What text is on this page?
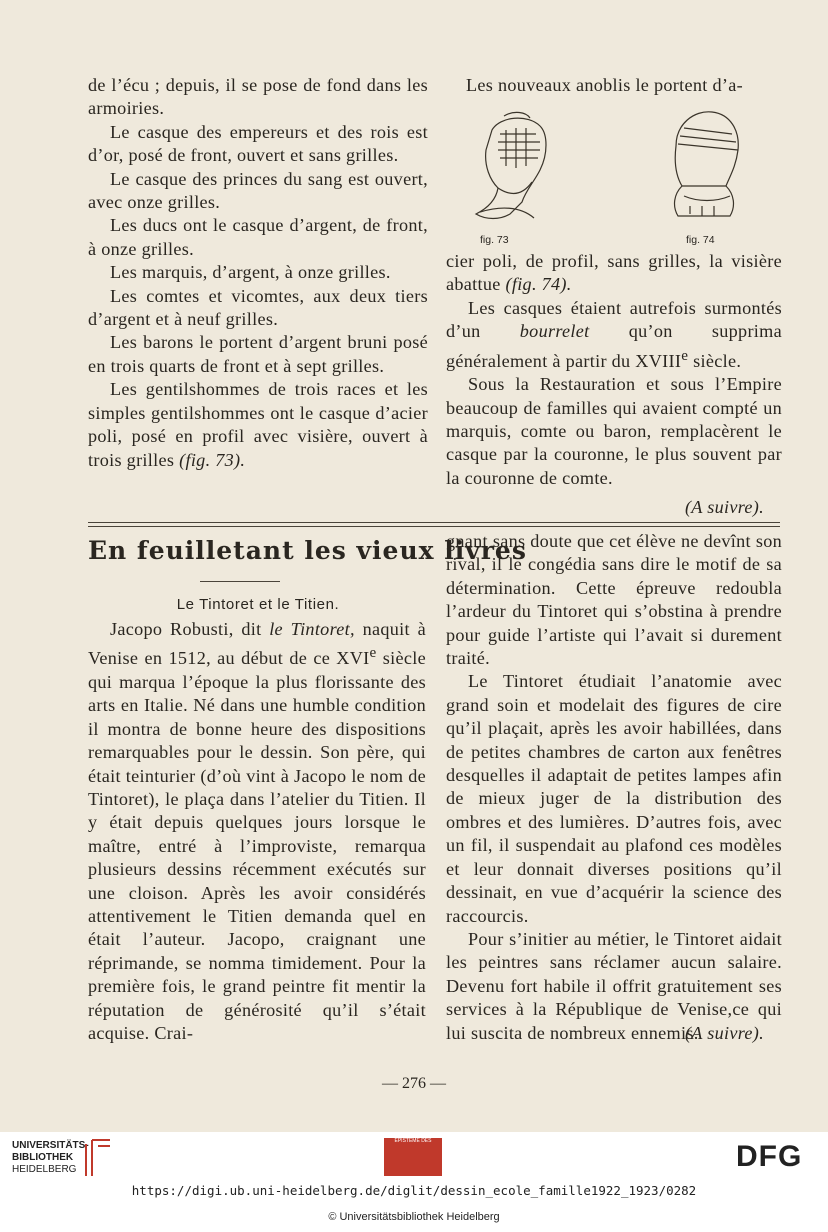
de l’écu ; depuis, il se pose de fond dans les armoiries.

Le casque des empereurs et des rois est d’or, posé de front, ouvert et sans grilles.

Le casque des princes du sang est ouvert, avec onze grilles.

Les ducs ont le casque d’argent, de front, à onze grilles.

Les marquis, d’argent, à onze grilles.

Les comtes et vicomtes, aux deux tiers d’argent et à neuf grilles.

Les barons le portent d’argent bruni posé en trois quarts de front et à sept grilles.

Les gentilshommes de trois races et les simples gentilshommes ont le casque d’acier poli, posé en profil avec visière, ouvert à trois grilles (fig. 73).

Les nouveaux anoblis le portent d’a-

fig. 73	fig. 74

cier poli, de profil, sans grilles, la visière abattue (fig. 74).

Les casques étaient autrefois surmontés d’un bourrelet qu’on supprima généralement à partir du XVIIIe siècle.

Sous la Restauration et sous l’Empire beaucoup de familles qui avaient compté un marquis, comte ou baron, remplacèrent le casque par la couronne, le plus souvent par la couronne de comte.

(A suivre).

En feuilletant les vieux livres
Le Tintoret et le Titien.

Jacopo Robusti, dit le Tintoret, naquit à Venise en 1512, au début de ce XVIe siècle qui marqua l’époque la plus florissante des arts en Italie. Né dans une humble condition il montra de bonne heure des dispositions remarquables pour le dessin. Son père, qui était teinturier (d’où vint à Jacopo le nom de Tintoret), le plaça dans l’atelier du Titien. Il y était depuis quelques jours lorsque le maître, entré à l’improviste, remarqua plusieurs dessins récemment exécutés sur une cloison. Après les avoir considérés attentivement le Titien demanda quel en était l’auteur. Jacopo, craignant une réprimande, se nomma timidement. Pour la première fois, le grand peintre fit mentir la réputation de générosité qu’il s’était acquise. Crai-

gnant sans doute que cet élève ne devînt son rival, il le congédia sans dire le motif de sa détermination. Cette épreuve redoubla l’ardeur du Tintoret qui s’obstina à prendre pour guide l’artiste qui l’avait si durement traité.

Le Tintoret étudiait l’anatomie avec grand soin et modelait des figures de cire qu’il plaçait, après les avoir habillées, dans de petites chambres de carton aux fenêtres desquelles il adaptait de petites lampes afin de mieux juger de la distribution des ombres et des lumières. D’autres fois, avec un fil, il suspendait au plafond ces modèles et leur donnait diverses positions qu’il dessinait, en vue d’acquérir la science des raccourcis.

Pour s’initier au métier, le Tintoret aidait les peintres sans réclamer aucun salaire. Devenu fort habile il offrit gratuitement ses services à la République de Venise,ce qui lui suscita de nombreux ennemis.

(A suivre).

— 276 —
UNIVERSITÄTS-
BIBLIOTHEK
HEIDELBERG
ÉPISTÈME DES	DFG
https://digi.ub.uni-heidelberg.de/diglit/dessin_ecole_famille1922_1923/0282
© Universitätsbibliothek Heidelberg
